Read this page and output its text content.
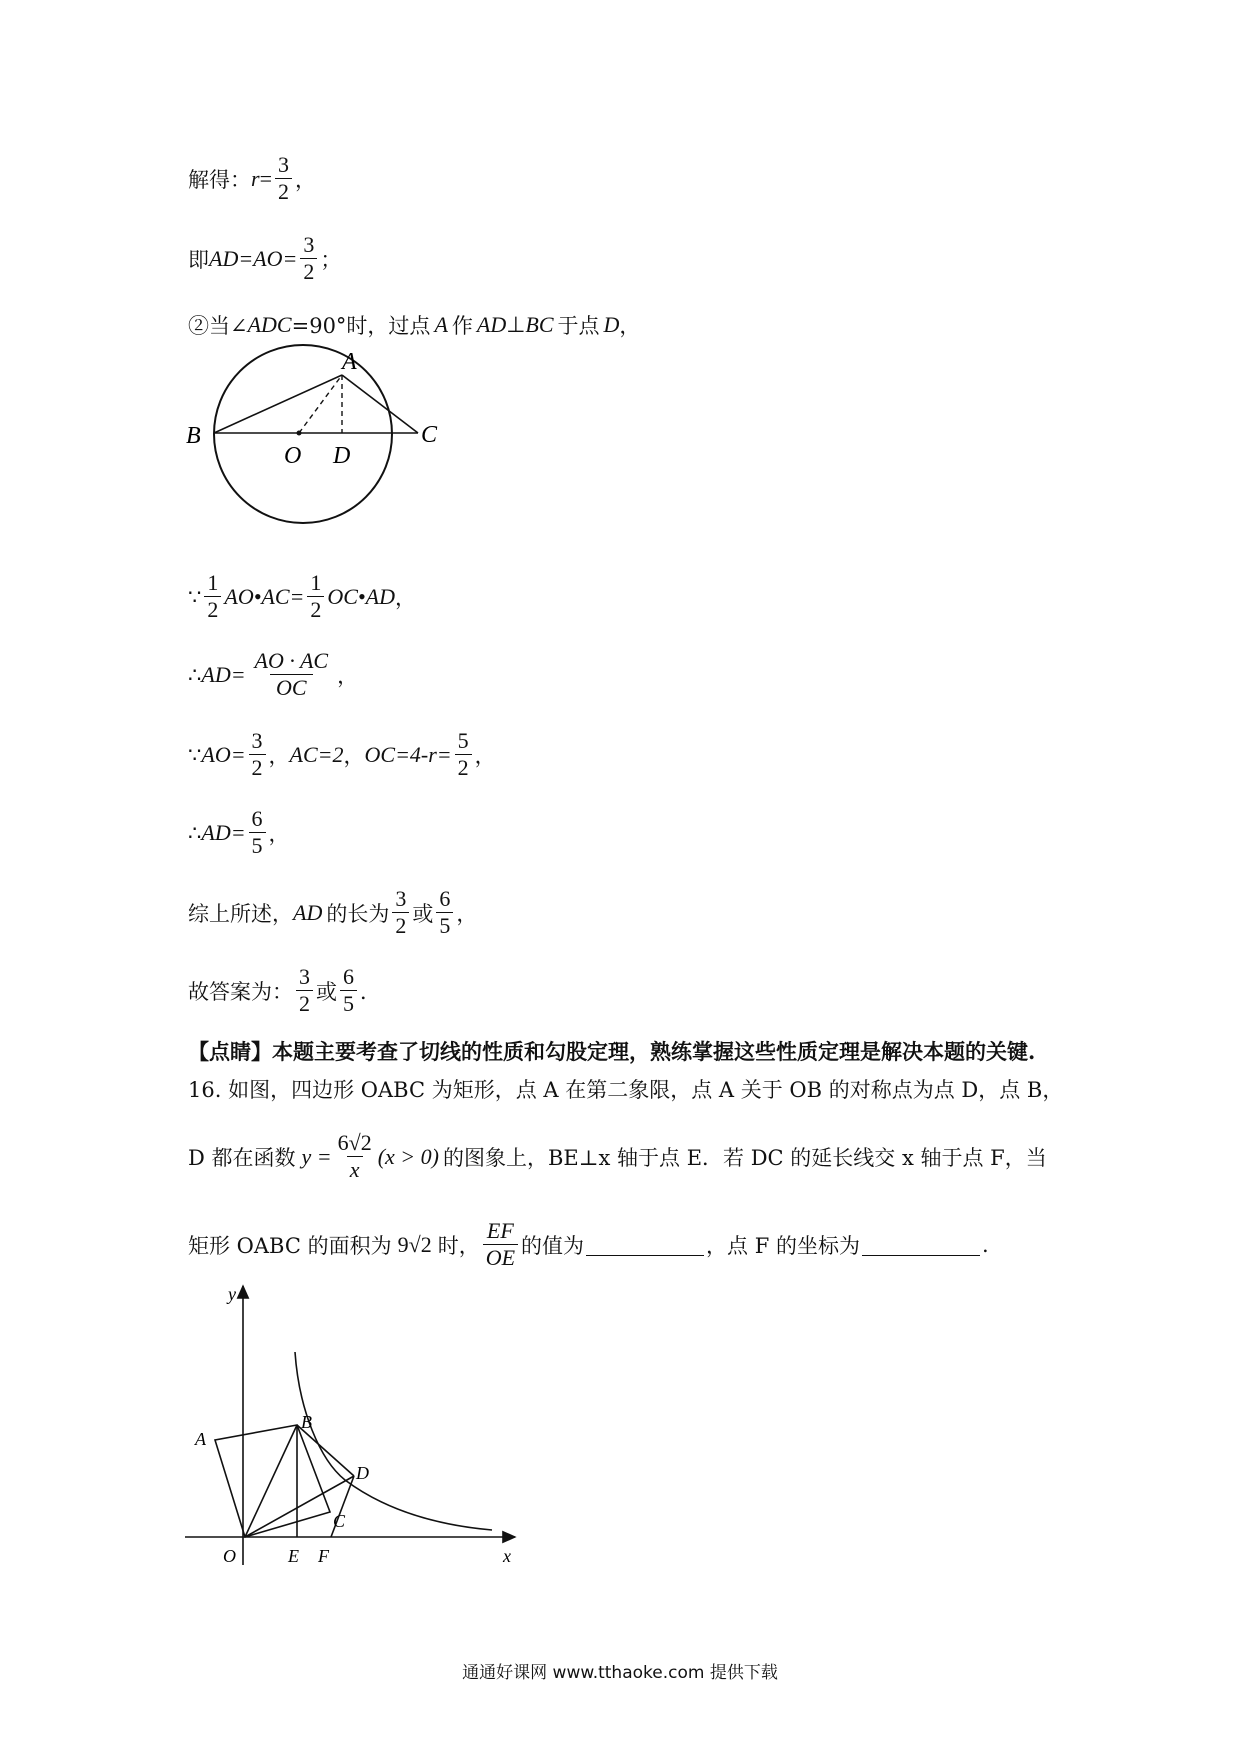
解得： $r = \frac{3}{2}$ ，
即 $AD=AO= \frac{3}{2}$ ；
②当∠ ADC =90°时，过点 A 作 AD ⊥ BC 于点 D ，
A
B	C
O D
∵ $\frac{1}{2}$ AO•AC= $\frac{1}{2}$ OC•AD ，
∴ $AD= \frac{AO \cdot AC}{OC}$ ，
∵ $AO= \frac{3}{2}$ ， AC=2 ， $OC=4-r= \frac{5}{2}$ ，
∴ $AD= \frac{6}{5}$ ，
综上所述， AD 的长为 $\frac{3}{2}$ 或 $\frac{6}{5}$ ，
故答案为： $\frac{3}{2}$ 或 $\frac{6}{5}$ ．
【点睛】 本题主要考查了切线的性质和勾股定理，熟练掌握这些性质定理是解决本题的关键.
16. 如图，四边形 OABC 为矩形，点 A 在第二象限，点 A 关于 OB 的对称点为点 D，点 B，
D 都在函数 $y = \frac{6√2}{x} (x > 0)$ 的图象上，BE⊥x 轴于点 E．若 DC 的延长线交 x 轴于点 F，当
矩形 OABC 的面积为 9√2 时， $\frac{EF}{OE}$ 的值为	，点 F 的坐标为	.
y
x
A
B
D
C
O	E F
通通好课网 www.tthaoke.com 提供下载
